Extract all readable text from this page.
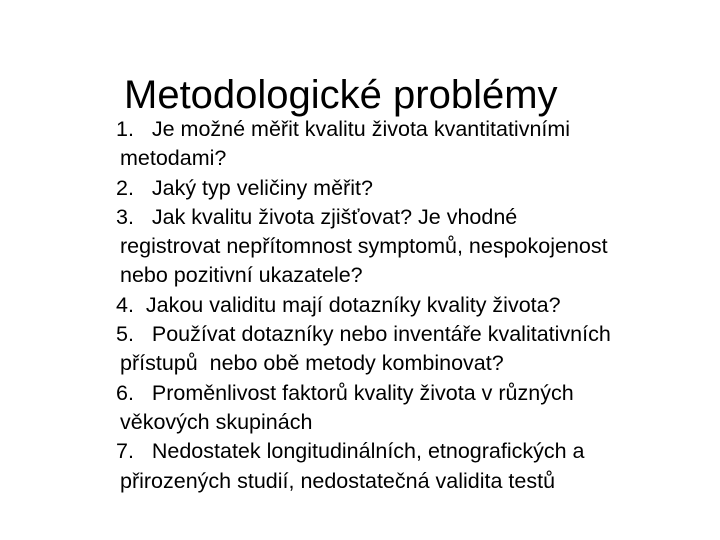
Metodologické problémy
1. Je možné měřit kvalitu života kvantitativními
metodami?
2. Jaký typ veličiny měřit?
3. Jak kvalitu života zjišťovat? Je vhodné
registrovat nepřítomnost symptomů, nespokojenost
nebo pozitivní ukazatele?
4. Jakou validitu mají dotazníky kvality života?
5. Používat dotazníky nebo inventáře kvalitativních
přístupů  nebo obě metody kombinovat?
6. Proměnlivost faktorů kvality života v různých
věkových skupinách
7. Nedostatek longitudinálních, etnografických a
přirozených studií, nedostatečná validita testů
